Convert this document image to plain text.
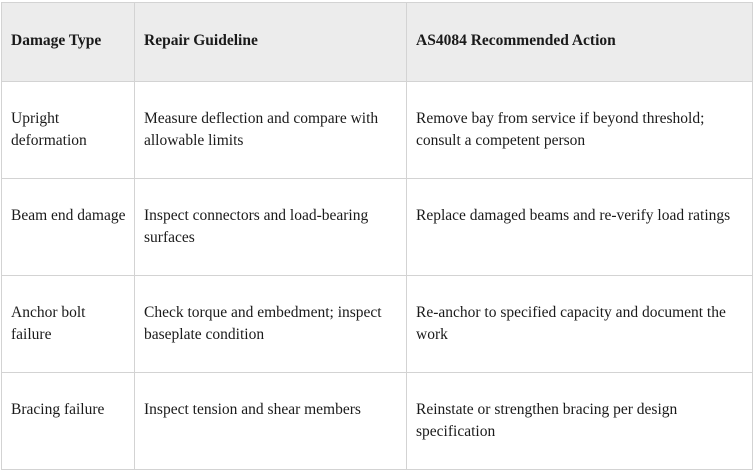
Damage Type	Repair Guideline	AS4084 Recommended Action
Upright deformation	Measure deflection and compare with allowable limits	Remove bay from service if beyond threshold; consult a competent person
Beam end damage	Inspect connectors and load-bearing surfaces	Replace damaged beams and re-verify load ratings
Anchor bolt failure	Check torque and embedment; inspect baseplate condition	Re-anchor to specified capacity and document the work
Bracing failure	Inspect tension and shear members	Reinstate or strengthen bracing per design specification
